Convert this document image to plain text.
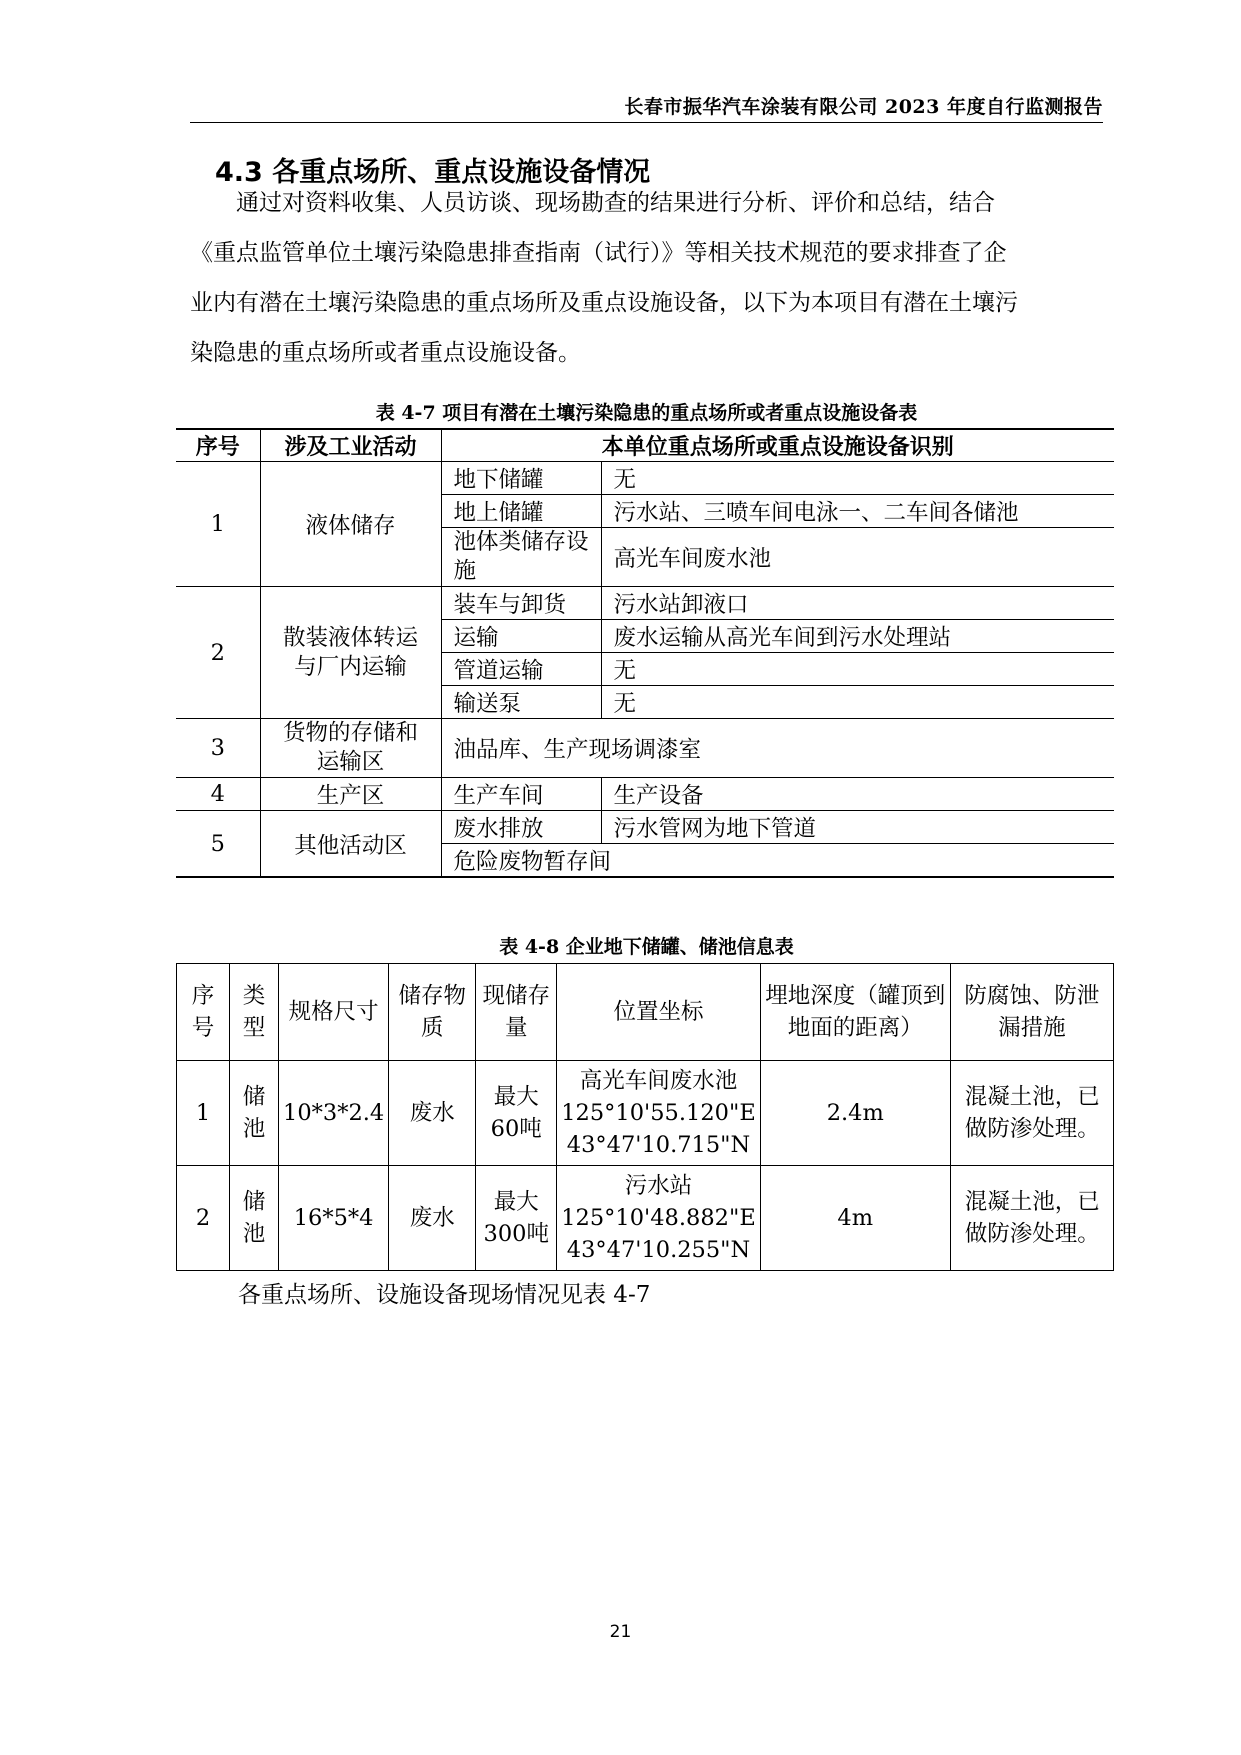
长春市振华汽车涂装有限公司 2023 年度自行监测报告
4.3 各重点场所、重点设施设备情况

通过对资料收集、人员访谈、现场勘查的结果进行分析、评价和总结，结合

《重点监管单位土壤污染隐患排查指南（试行）》等相关技术规范的要求排查了企

业内有潜在土壤污染隐患的重点场所及重点设施设备，以下为本项目有潜在土壤污

染隐患的重点场所或者重点设施设备。

表 4-7 项目有潜在土壤污染隐患的重点场所或者重点设施设备表
序号	涉及工业活动	本单位重点场所或重点设施设备识别	
1	液体储存	地下储罐	无
		地上储罐	污水站、三喷车间电泳一、二车间各储池
		池体类储存设施	高光车间废水池
2	散装液体转运与厂内运输	装车与卸货	污水站卸液口
		运输	废水运输从高光车间到污水处理站
		管道运输	无
		输送泵	无
3	货物的存储和运输区	油品库、生产现场调漆室	
4	生产区	生产车间	生产设备
5	其他活动区	废水排放	污水管网为地下管道
		危险废物暂存间	
表 4-8 企业地下储罐、储池信息表
序号	类型	规格尺寸	储存物质	现储存量	位置坐标	埋地深度（罐顶到地面的距离）	防腐蚀、防泄漏措施
1	储池	10*3*2.4	废水	最大60吨	高光车间废水池
125°10'55.120"E
43°47'10.715"N	2.4m	混凝土池，已做防渗处理。
2	储池	16*5*4	废水	最大300吨	污水站
125°10'48.882"E
43°47'10.255"N	4m	混凝土池，已做防渗处理。
各重点场所、设施设备现场情况见表 4-7
21
